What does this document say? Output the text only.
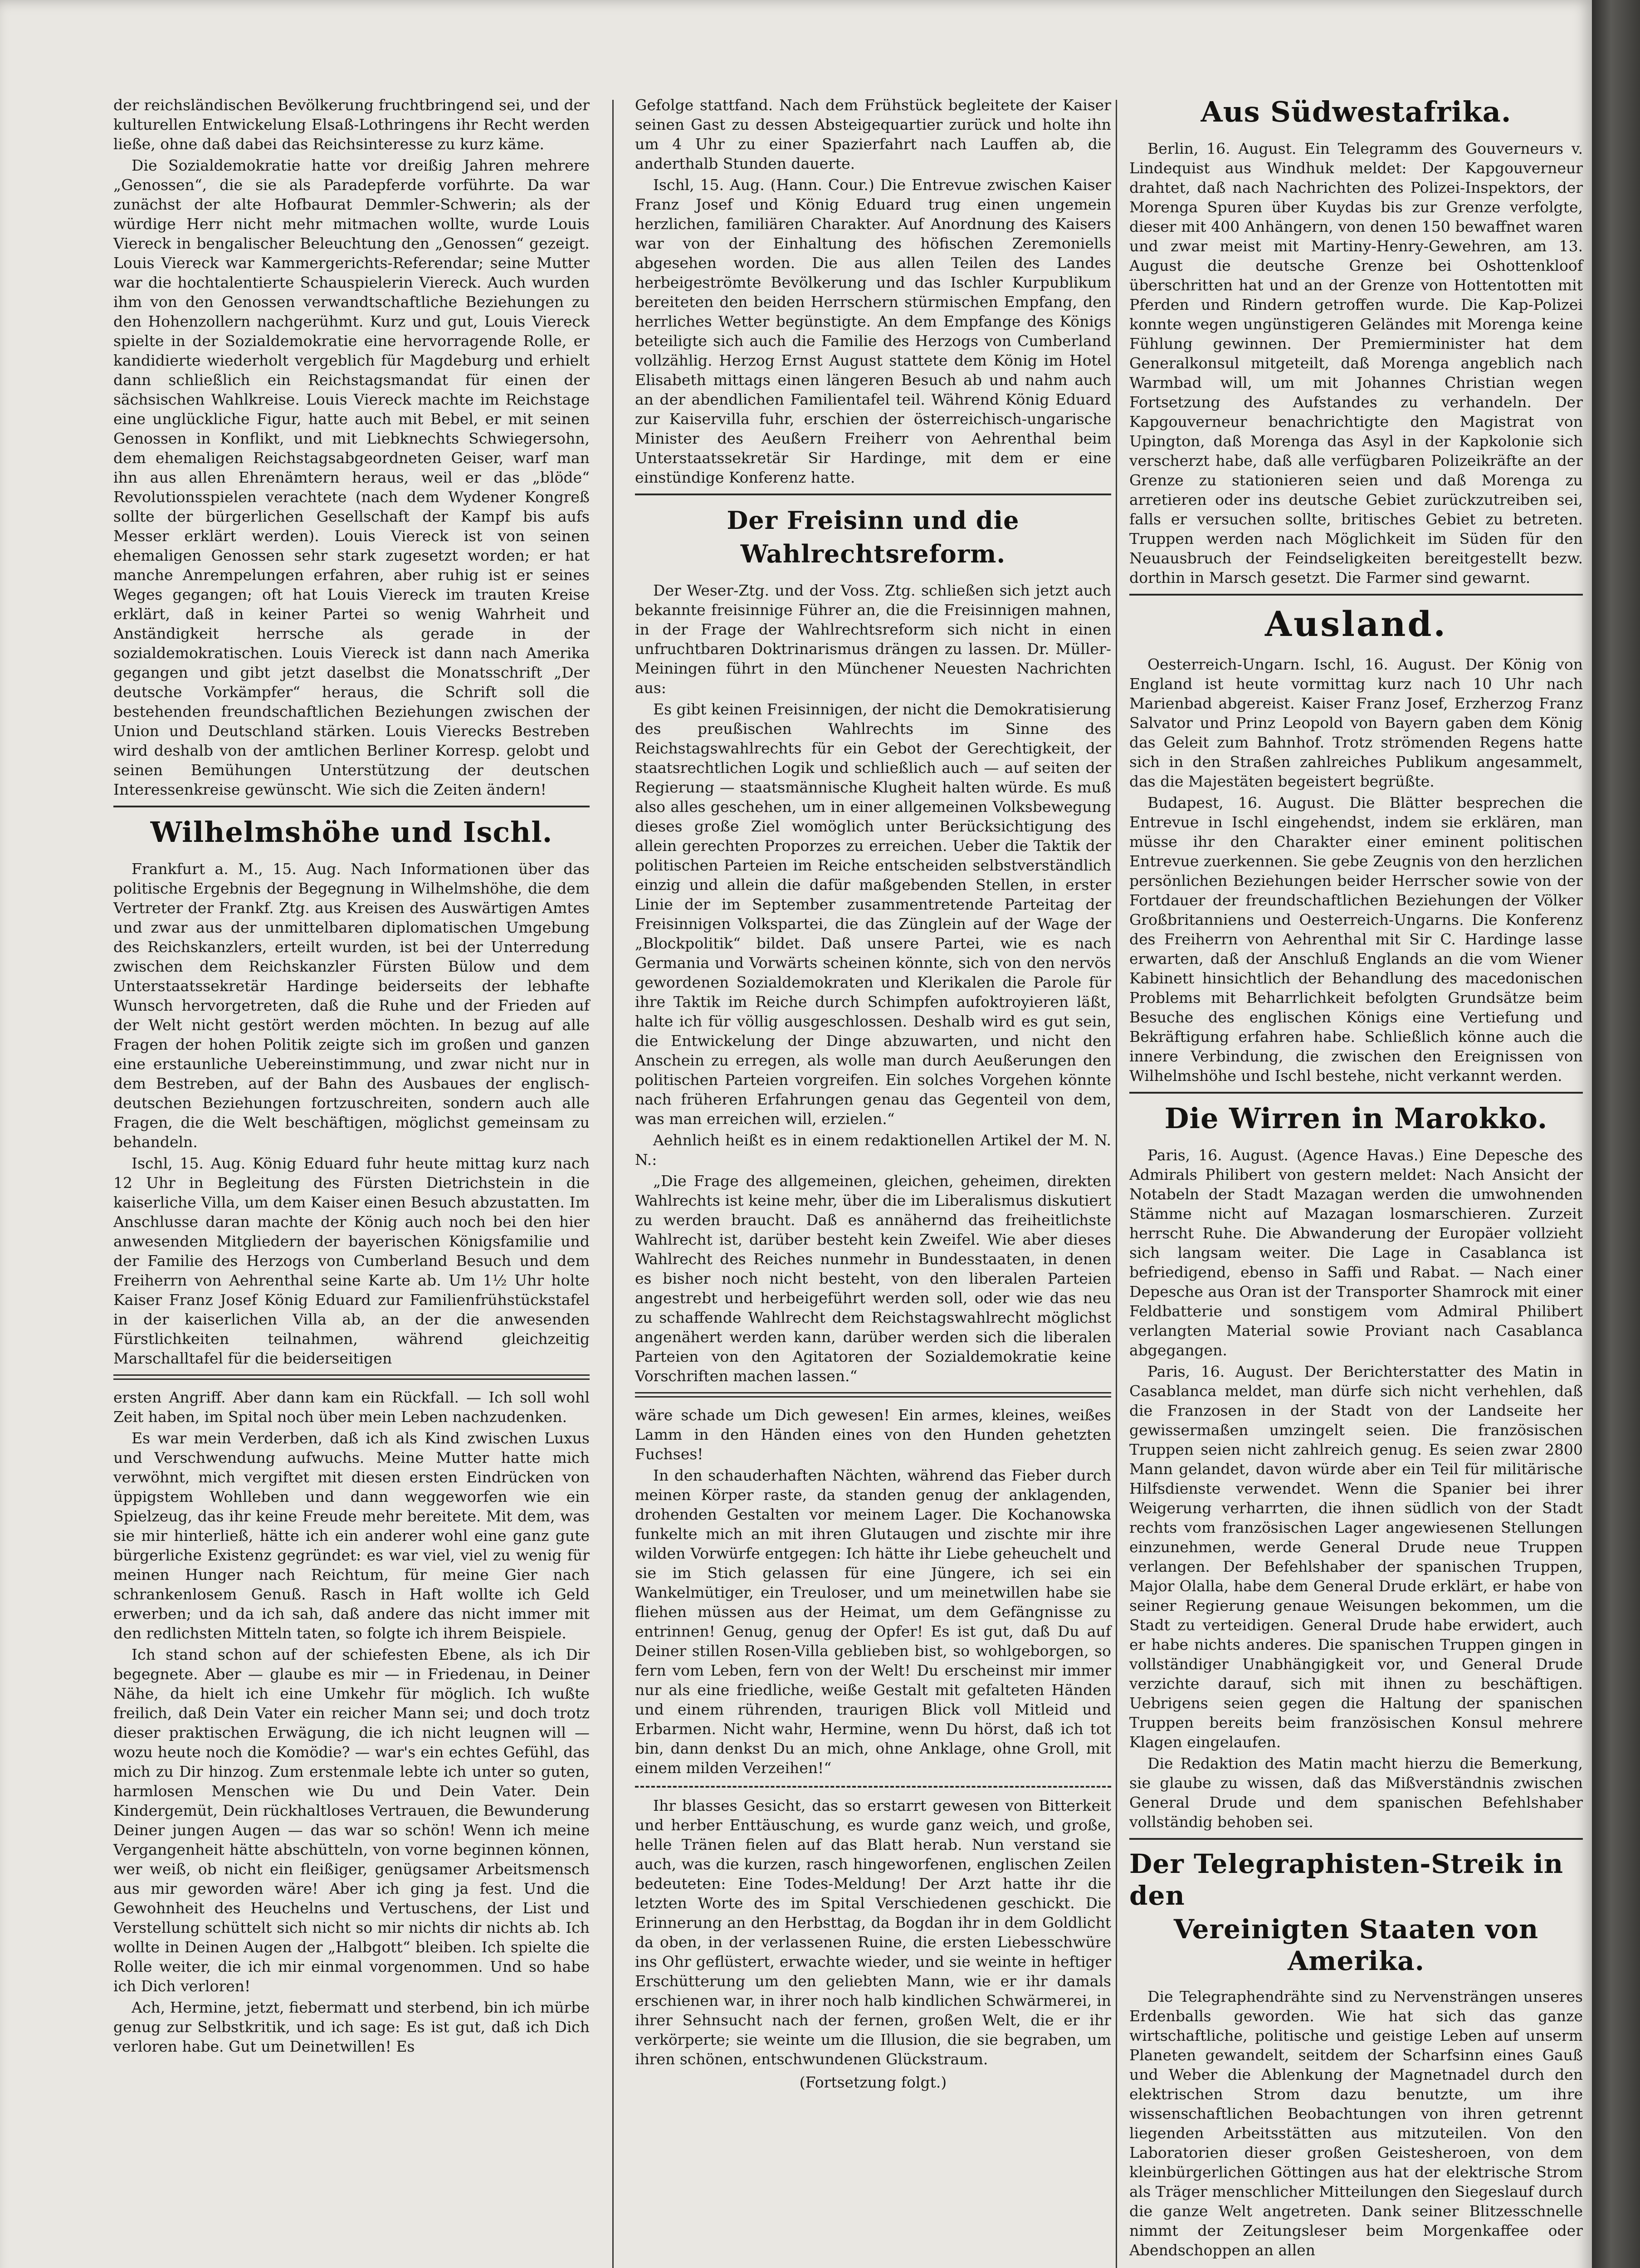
der reichsländischen Bevölkerung fruchtbringend sei, und der kulturellen Entwickelung Elsaß-Lothringens ihr Recht werden ließe, ohne daß dabei das Reichsinteresse zu kurz käme.

Die Sozialdemokratie hatte vor dreißig Jahren mehrere „Genossen“, die sie als Paradepferde vorführte. Da war zunächst der alte Hofbaurat Demmler-Schwerin; als der würdige Herr nicht mehr mitmachen wollte, wurde Louis Viereck in bengalischer Beleuchtung den „Genossen“ gezeigt. Louis Viereck war Kammergerichts-Referendar; seine Mutter war die hochtalentierte Schauspielerin Viereck. Auch wurden ihm von den Genossen verwandtschaftliche Beziehungen zu den Hohenzollern nachgerühmt. Kurz und gut, Louis Viereck spielte in der Sozialdemokratie eine hervorragende Rolle, er kandidierte wiederholt vergeblich für Magdeburg und erhielt dann schließlich ein Reichstagsmandat für einen der sächsischen Wahlkreise. Louis Viereck machte im Reichstage eine unglückliche Figur, hatte auch mit Bebel, er mit seinen Genossen in Konflikt, und mit Liebknechts Schwiegersohn, dem ehemaligen Reichstagsabgeordneten Geiser, warf man ihn aus allen Ehrenämtern heraus, weil er das „blöde“ Revolutionsspielen verachtete (nach dem Wydener Kongreß sollte der bürgerlichen Gesellschaft der Kampf bis aufs Messer erklärt werden). Louis Viereck ist von seinen ehemaligen Genossen sehr stark zugesetzt worden; er hat manche Anrempelungen erfahren, aber ruhig ist er seines Weges gegangen; oft hat Louis Viereck im trauten Kreise erklärt, daß in keiner Partei so wenig Wahrheit und Anständigkeit herrsche als gerade in der sozialdemokratischen. Louis Viereck ist dann nach Amerika gegangen und gibt jetzt daselbst die Monatsschrift „Der deutsche Vorkämpfer“ heraus, die Schrift soll die bestehenden freundschaftlichen Beziehungen zwischen der Union und Deutschland stärken. Louis Vierecks Bestreben wird deshalb von der amtlichen Berliner Korresp. gelobt und seinen Bemühungen Unterstützung der deutschen Interessenkreise gewünscht. Wie sich die Zeiten ändern!

Wilhelmshöhe und Ischl.

Frankfurt a. M., 15. Aug. Nach Informationen über das politische Ergebnis der Begegnung in Wilhelmshöhe, die dem Vertreter der Frankf. Ztg. aus Kreisen des Auswärtigen Amtes und zwar aus der unmittelbaren diplomatischen Umgebung des Reichskanzlers, erteilt wurden, ist bei der Unterredung zwischen dem Reichskanzler Fürsten Bülow und dem Unterstaatssekretär Hardinge beiderseits der lebhafte Wunsch hervorgetreten, daß die Ruhe und der Frieden auf der Welt nicht gestört werden möchten. In bezug auf alle Fragen der hohen Politik zeigte sich im großen und ganzen eine erstaunliche Uebereinstimmung, und zwar nicht nur in dem Bestreben, auf der Bahn des Ausbaues der englisch-deutschen Beziehungen fortzuschreiten, sondern auch alle Fragen, die die Welt beschäftigen, möglichst gemeinsam zu behandeln.

Ischl, 15. Aug. König Eduard fuhr heute mittag kurz nach 12 Uhr in Begleitung des Fürsten Dietrichstein in die kaiserliche Villa, um dem Kaiser einen Besuch abzustatten. Im Anschlusse daran machte der König auch noch bei den hier anwesenden Mitgliedern der bayerischen Königsfamilie und der Familie des Herzogs von Cumberland Besuch und dem Freiherrn von Aehrenthal seine Karte ab. Um 1½ Uhr holte Kaiser Franz Josef König Eduard zur Familienfrühstückstafel in der kaiserlichen Villa ab, an der die anwesenden Fürstlichkeiten teilnahmen, während gleichzeitig Marschalltafel für die beiderseitigen

ersten Angriff. Aber dann kam ein Rückfall. — Ich soll wohl Zeit haben, im Spital noch über mein Leben nachzudenken.

Es war mein Verderben, daß ich als Kind zwischen Luxus und Verschwendung aufwuchs. Meine Mutter hatte mich verwöhnt, mich vergiftet mit diesen ersten Eindrücken von üppigstem Wohlleben und dann weggeworfen wie ein Spielzeug, das ihr keine Freude mehr bereitete. Mit dem, was sie mir hinterließ, hätte ich ein anderer wohl eine ganz gute bürgerliche Existenz gegründet: es war viel, viel zu wenig für meinen Hunger nach Reichtum, für meine Gier nach schrankenlosem Genuß. Rasch in Haft wollte ich Geld erwerben; und da ich sah, daß andere das nicht immer mit den redlichsten Mitteln taten, so folgte ich ihrem Beispiele.

Ich stand schon auf der schiefesten Ebene, als ich Dir begegnete. Aber — glaube es mir — in Friedenau, in Deiner Nähe, da hielt ich eine Umkehr für möglich. Ich wußte freilich, daß Dein Vater ein reicher Mann sei; und doch trotz dieser praktischen Erwägung, die ich nicht leugnen will — wozu heute noch die Komödie? — war's ein echtes Gefühl, das mich zu Dir hinzog. Zum erstenmale lebte ich unter so guten, harmlosen Menschen wie Du und Dein Vater. Dein Kindergemüt, Dein rückhaltloses Vertrauen, die Bewunderung Deiner jungen Augen — das war so schön! Wenn ich meine Vergangenheit hätte abschütteln, von vorne beginnen können, wer weiß, ob nicht ein fleißiger, genügsamer Arbeitsmensch aus mir geworden wäre! Aber ich ging ja fest. Und die Gewohnheit des Heuchelns und Vertuschens, der List und Verstellung schüttelt sich nicht so mir nichts dir nichts ab. Ich wollte in Deinen Augen der „Halbgott“ bleiben. Ich spielte die Rolle weiter, die ich mir einmal vorgenommen. Und so habe ich Dich verloren!

Ach, Hermine, jetzt, fiebermatt und sterbend, bin ich mürbe genug zur Selbstkritik, und ich sage: Es ist gut, daß ich Dich verloren habe. Gut um Deinetwillen! Es

Gefolge stattfand. Nach dem Frühstück begleitete der Kaiser seinen Gast zu dessen Absteigequartier zurück und holte ihn um 4 Uhr zu einer Spazierfahrt nach Lauffen ab, die anderthalb Stunden dauerte.

Ischl, 15. Aug. (Hann. Cour.) Die Entrevue zwischen Kaiser Franz Josef und König Eduard trug einen ungemein herzlichen, familiären Charakter. Auf Anordnung des Kaisers war von der Einhaltung des höfischen Zeremoniells abgesehen worden. Die aus allen Teilen des Landes herbeigeströmte Bevölkerung und das Ischler Kurpublikum bereiteten den beiden Herrschern stürmischen Empfang, den herrliches Wetter begünstigte. An dem Empfange des Königs beteiligte sich auch die Familie des Herzogs von Cumberland vollzählig. Herzog Ernst August stattete dem König im Hotel Elisabeth mittags einen längeren Besuch ab und nahm auch an der abendlichen Familientafel teil. Während König Eduard zur Kaiservilla fuhr, erschien der österreichisch-ungarische Minister des Aeußern Freiherr von Aehrenthal beim Unterstaatssekretär Sir Hardinge, mit dem er eine einstündige Konferenz hatte.

Der Freisinn und die Wahlrechtsreform.

Der Weser-Ztg. und der Voss. Ztg. schließen sich jetzt auch bekannte freisinnige Führer an, die die Freisinnigen mahnen, in der Frage der Wahlrechtsreform sich nicht in einen unfruchtbaren Doktrinarismus drängen zu lassen. Dr. Müller-Meiningen führt in den Münchener Neuesten Nachrichten aus:

Es gibt keinen Freisinnigen, der nicht die Demokratisierung des preußischen Wahlrechts im Sinne des Reichstagswahlrechts für ein Gebot der Gerechtigkeit, der staatsrechtlichen Logik und schließlich auch — auf seiten der Regierung — staatsmännische Klugheit halten würde. Es muß also alles geschehen, um in einer allgemeinen Volksbewegung dieses große Ziel womöglich unter Berücksichtigung des allein gerechten Proporzes zu erreichen. Ueber die Taktik der politischen Parteien im Reiche entscheiden selbstverständlich einzig und allein die dafür maßgebenden Stellen, in erster Linie der im September zusammentretende Parteitag der Freisinnigen Volkspartei, die das Zünglein auf der Wage der „Blockpolitik“ bildet. Daß unsere Partei, wie es nach Germania und Vorwärts scheinen könnte, sich von den nervös gewordenen Sozialdemokraten und Klerikalen die Parole für ihre Taktik im Reiche durch Schimpfen aufoktroyieren läßt, halte ich für völlig ausgeschlossen. Deshalb wird es gut sein, die Entwickelung der Dinge abzuwarten, und nicht den Anschein zu erregen, als wolle man durch Aeußerungen den politischen Parteien vorgreifen. Ein solches Vorgehen könnte nach früheren Erfahrungen genau das Gegenteil von dem, was man erreichen will, erzielen.“

Aehnlich heißt es in einem redaktionellen Artikel der M. N. N.:

„Die Frage des allgemeinen, gleichen, geheimen, direkten Wahlrechts ist keine mehr, über die im Liberalismus diskutiert zu werden braucht. Daß es annähernd das freiheitlichste Wahlrecht ist, darüber besteht kein Zweifel. Wie aber dieses Wahlrecht des Reiches nunmehr in Bundesstaaten, in denen es bisher noch nicht besteht, von den liberalen Parteien angestrebt und herbeigeführt werden soll, oder wie das neu zu schaffende Wahlrecht dem Reichstagswahlrecht möglichst angenähert werden kann, darüber werden sich die liberalen Parteien von den Agitatoren der Sozialdemokratie keine Vorschriften machen lassen.“

wäre schade um Dich gewesen! Ein armes, kleines, weißes Lamm in den Händen eines von den Hunden gehetzten Fuchses!

In den schauderhaften Nächten, während das Fieber durch meinen Körper raste, da standen genug der anklagenden, drohenden Gestalten vor meinem Lager. Die Kochanowska funkelte mich an mit ihren Glutaugen und zischte mir ihre wilden Vorwürfe entgegen: Ich hätte ihr Liebe geheuchelt und sie im Stich gelassen für eine Jüngere, ich sei ein Wankelmütiger, ein Treuloser, und um meinetwillen habe sie fliehen müssen aus der Heimat, um dem Gefängnisse zu entrinnen! Genug, genug der Opfer! Es ist gut, daß Du auf Deiner stillen Rosen-Villa geblieben bist, so wohlgeborgen, so fern vom Leben, fern von der Welt! Du erscheinst mir immer nur als eine friedliche, weiße Gestalt mit gefalteten Händen und einem rührenden, traurigen Blick voll Mitleid und Erbarmen. Nicht wahr, Hermine, wenn Du hörst, daß ich tot bin, dann denkst Du an mich, ohne Anklage, ohne Groll, mit einem milden Verzeihen!“

Ihr blasses Gesicht, das so erstarrt gewesen von Bitterkeit und herber Enttäuschung, es wurde ganz weich, und große, helle Tränen fielen auf das Blatt herab. Nun verstand sie auch, was die kurzen, rasch hingeworfenen, englischen Zeilen bedeuteten: Eine Todes-Meldung! Der Arzt hatte ihr die letzten Worte des im Spital Verschiedenen geschickt. Die Erinnerung an den Herbsttag, da Bogdan ihr in dem Goldlicht da oben, in der verlassenen Ruine, die ersten Liebesschwüre ins Ohr geflüstert, erwachte wieder, und sie weinte in heftiger Erschütterung um den geliebten Mann, wie er ihr damals erschienen war, in ihrer noch halb kindlichen Schwärmerei, in ihrer Sehnsucht nach der fernen, großen Welt, die er ihr verkörperte; sie weinte um die Illusion, die sie begraben, um ihren schönen, entschwundenen Glückstraum.

(Fortsetzung folgt.)
Aus Südwestafrika.

Berlin, 16. August. Ein Telegramm des Gouverneurs v. Lindequist aus Windhuk meldet: Der Kapgouverneur drahtet, daß nach Nachrichten des Polizei-Inspektors, der Morenga Spuren über Kuydas bis zur Grenze verfolgte, dieser mit 400 Anhängern, von denen 150 bewaffnet waren und zwar meist mit Martiny-Henry-Gewehren, am 13. August die deutsche Grenze bei Oshottenkloof überschritten hat und an der Grenze von Hottentotten mit Pferden und Rindern getroffen wurde. Die Kap-Polizei konnte wegen ungünstigeren Geländes mit Morenga keine Fühlung gewinnen. Der Premierminister hat dem Generalkonsul mitgeteilt, daß Morenga angeblich nach Warmbad will, um mit Johannes Christian wegen Fortsetzung des Aufstandes zu verhandeln. Der Kapgouverneur benachrichtigte den Magistrat von Upington, daß Morenga das Asyl in der Kapkolonie sich verscherzt habe, daß alle verfügbaren Polizeikräfte an der Grenze zu stationieren seien und daß Morenga zu arretieren oder ins deutsche Gebiet zurückzutreiben sei, falls er versuchen sollte, britisches Gebiet zu betreten. Truppen werden nach Möglichkeit im Süden für den Neuausbruch der Feindseligkeiten bereitgestellt bezw. dorthin in Marsch gesetzt. Die Farmer sind gewarnt.

Ausland.

Oesterreich-Ungarn. Ischl, 16. August. Der König von England ist heute vormittag kurz nach 10 Uhr nach Marienbad abgereist. Kaiser Franz Josef, Erzherzog Franz Salvator und Prinz Leopold von Bayern gaben dem König das Geleit zum Bahnhof. Trotz strömenden Regens hatte sich in den Straßen zahlreiches Publikum angesammelt, das die Majestäten begeistert begrüßte.

Budapest, 16. August. Die Blätter besprechen die Entrevue in Ischl eingehendst, indem sie erklären, man müsse ihr den Charakter einer eminent politischen Entrevue zuerkennen. Sie gebe Zeugnis von den herzlichen persönlichen Beziehungen beider Herrscher sowie von der Fortdauer der freundschaftlichen Beziehungen der Völker Großbritanniens und Oesterreich-Ungarns. Die Konferenz des Freiherrn von Aehrenthal mit Sir C. Hardinge lasse erwarten, daß der Anschluß Englands an die vom Wiener Kabinett hinsichtlich der Behandlung des macedonischen Problems mit Beharrlichkeit befolgten Grundsätze beim Besuche des englischen Königs eine Vertiefung und Bekräftigung erfahren habe. Schließlich könne auch die innere Verbindung, die zwischen den Ereignissen von Wilhelmshöhe und Ischl bestehe, nicht verkannt werden.

Die Wirren in Marokko.

Paris, 16. August. (Agence Havas.) Eine Depesche des Admirals Philibert von gestern meldet: Nach Ansicht der Notabeln der Stadt Mazagan werden die umwohnenden Stämme nicht auf Mazagan losmarschieren. Zurzeit herrscht Ruhe. Die Abwanderung der Europäer vollzieht sich langsam weiter. Die Lage in Casablanca ist befriedigend, ebenso in Saffi und Rabat. — Nach einer Depesche aus Oran ist der Transporter Shamrock mit einer Feldbatterie und sonstigem vom Admiral Philibert verlangten Material sowie Proviant nach Casablanca abgegangen.

Paris, 16. August. Der Berichterstatter des Matin in Casablanca meldet, man dürfe sich nicht verhehlen, daß die Franzosen in der Stadt von der Landseite her gewissermaßen umzingelt seien. Die französischen Truppen seien nicht zahlreich genug. Es seien zwar 2800 Mann gelandet, davon würde aber ein Teil für militärische Hilfsdienste verwendet. Wenn die Spanier bei ihrer Weigerung verharrten, die ihnen südlich von der Stadt rechts vom französischen Lager angewiesenen Stellungen einzunehmen, werde General Drude neue Truppen verlangen. Der Befehlshaber der spanischen Truppen, Major Olalla, habe dem General Drude erklärt, er habe von seiner Regierung genaue Weisungen bekommen, um die Stadt zu verteidigen. General Drude habe erwidert, auch er habe nichts anderes. Die spanischen Truppen gingen in vollständiger Unabhängigkeit vor, und General Drude verzichte darauf, sich mit ihnen zu beschäftigen. Uebrigens seien gegen die Haltung der spanischen Truppen bereits beim französischen Konsul mehrere Klagen eingelaufen.

Die Redaktion des Matin macht hierzu die Bemerkung, sie glaube zu wissen, daß das Mißverständnis zwischen General Drude und dem spanischen Befehlshaber vollständig behoben sei.

Der Telegraphisten-Streik in den
Vereinigten Staaten von Amerika.

Die Telegraphendrähte sind zu Nervensträngen unseres Erdenballs geworden. Wie hat sich das ganze wirtschaftliche, politische und geistige Leben auf unserm Planeten gewandelt, seitdem der Scharfsinn eines Gauß und Weber die Ablenkung der Magnetnadel durch den elektrischen Strom dazu benutzte, um ihre wissenschaftlichen Beobachtungen von ihren getrennt liegenden Arbeitsstätten aus mitzuteilen. Von den Laboratorien dieser großen Geistesheroen, von dem kleinbürgerlichen Göttingen aus hat der elektrische Strom als Träger menschlicher Mitteilungen den Siegeslauf durch die ganze Welt angetreten. Dank seiner Blitzesschnelle nimmt der Zeitungsleser beim Morgenkaffee oder Abendschoppen an allen
